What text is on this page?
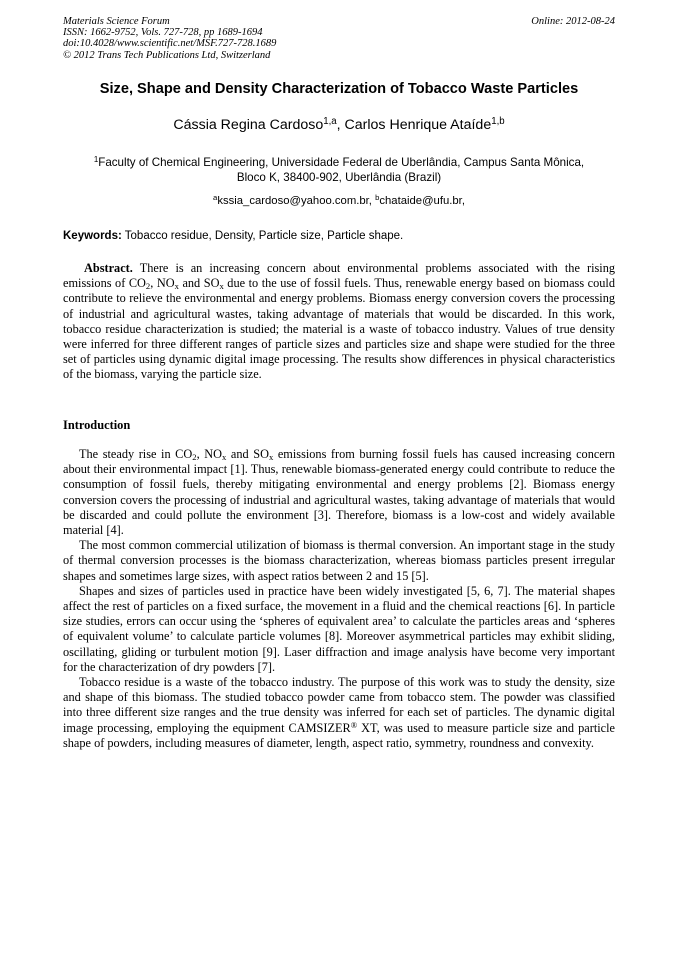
Materials Science Forum
ISSN: 1662-9752, Vols. 727-728, pp 1689-1694
doi:10.4028/www.scientific.net/MSF.727-728.1689
© 2012 Trans Tech Publications Ltd, Switzerland
Online: 2012-08-24
Size, Shape and Density Characterization of Tobacco Waste Particles
Cássia Regina Cardoso$^{1,a}$, Carlos Henrique Ataíde$^{1,b}$
$^1$Faculty of Chemical Engineering, Universidade Federal de Uberlândia, Campus Santa Mônica,
Bloco K, 38400-902, Uberlândia (Brazil)
$^a$kssia_cardoso@yahoo.com.br, $^b$chataide@ufu.br,
Keywords: Tobacco residue, Density, Particle size, Particle shape.
Abstract. There is an increasing concern about environmental problems associated with the rising emissions of $CO_2$, $NO_x$ and $SO_x$ due to the use of fossil fuels. Thus, renewable energy based on biomass could contribute to relieve the environmental and energy problems. Biomass energy conversion covers the processing of industrial and agricultural wastes, taking advantage of materials that would be discarded. In this work, tobacco residue characterization is studied; the material is a waste of tobacco industry. Values of true density were inferred for three different ranges of particle sizes and particles size and shape were studied for the three set of particles using dynamic digital image processing. The results show differences in physical characteristics of the biomass, varying the particle size.
Introduction

The steady rise in $CO_2$, $NO_x$ and $SO_x$ emissions from burning fossil fuels has caused increasing concern about their environmental impact [1]. Thus, renewable biomass-generated energy could contribute to reduce the consumption of fossil fuels, thereby mitigating environmental and energy problems [2]. Biomass energy conversion covers the processing of industrial and agricultural wastes, taking advantage of materials that would be discarded and could pollute the environment [3]. Therefore, biomass is a low-cost and widely available material [4].

The most common commercial utilization of biomass is thermal conversion. An important stage in the study of thermal conversion processes is the biomass characterization, whereas biomass particles present irregular shapes and sometimes large sizes, with aspect ratios between 2 and 15 [5].

Shapes and sizes of particles used in practice have been widely investigated [5, 6, 7]. The material shapes affect the rest of particles on a fixed surface, the movement in a fluid and the chemical reactions [6]. In particle size studies, errors can occur using the ‘spheres of equivalent area’ to calculate the particles areas and ‘spheres of equivalent volume’ to calculate particle volumes [8]. Moreover asymmetrical particles may exhibit sliding, oscillating, gliding or turbulent motion [9]. Laser diffraction and image analysis have become very important for the characterization of dry powders [7].

Tobacco residue is a waste of the tobacco industry. The purpose of this work was to study the density, size and shape of this biomass. The studied tobacco powder came from tobacco stem. The powder was classified into three different size ranges and the true density was inferred for each set of particles. The dynamic digital image processing, employing the equipment CAMSIZER® XT, was used to measure particle size and particle shape of powders, including measures of diameter, length, aspect ratio, symmetry, roundness and convexity.
